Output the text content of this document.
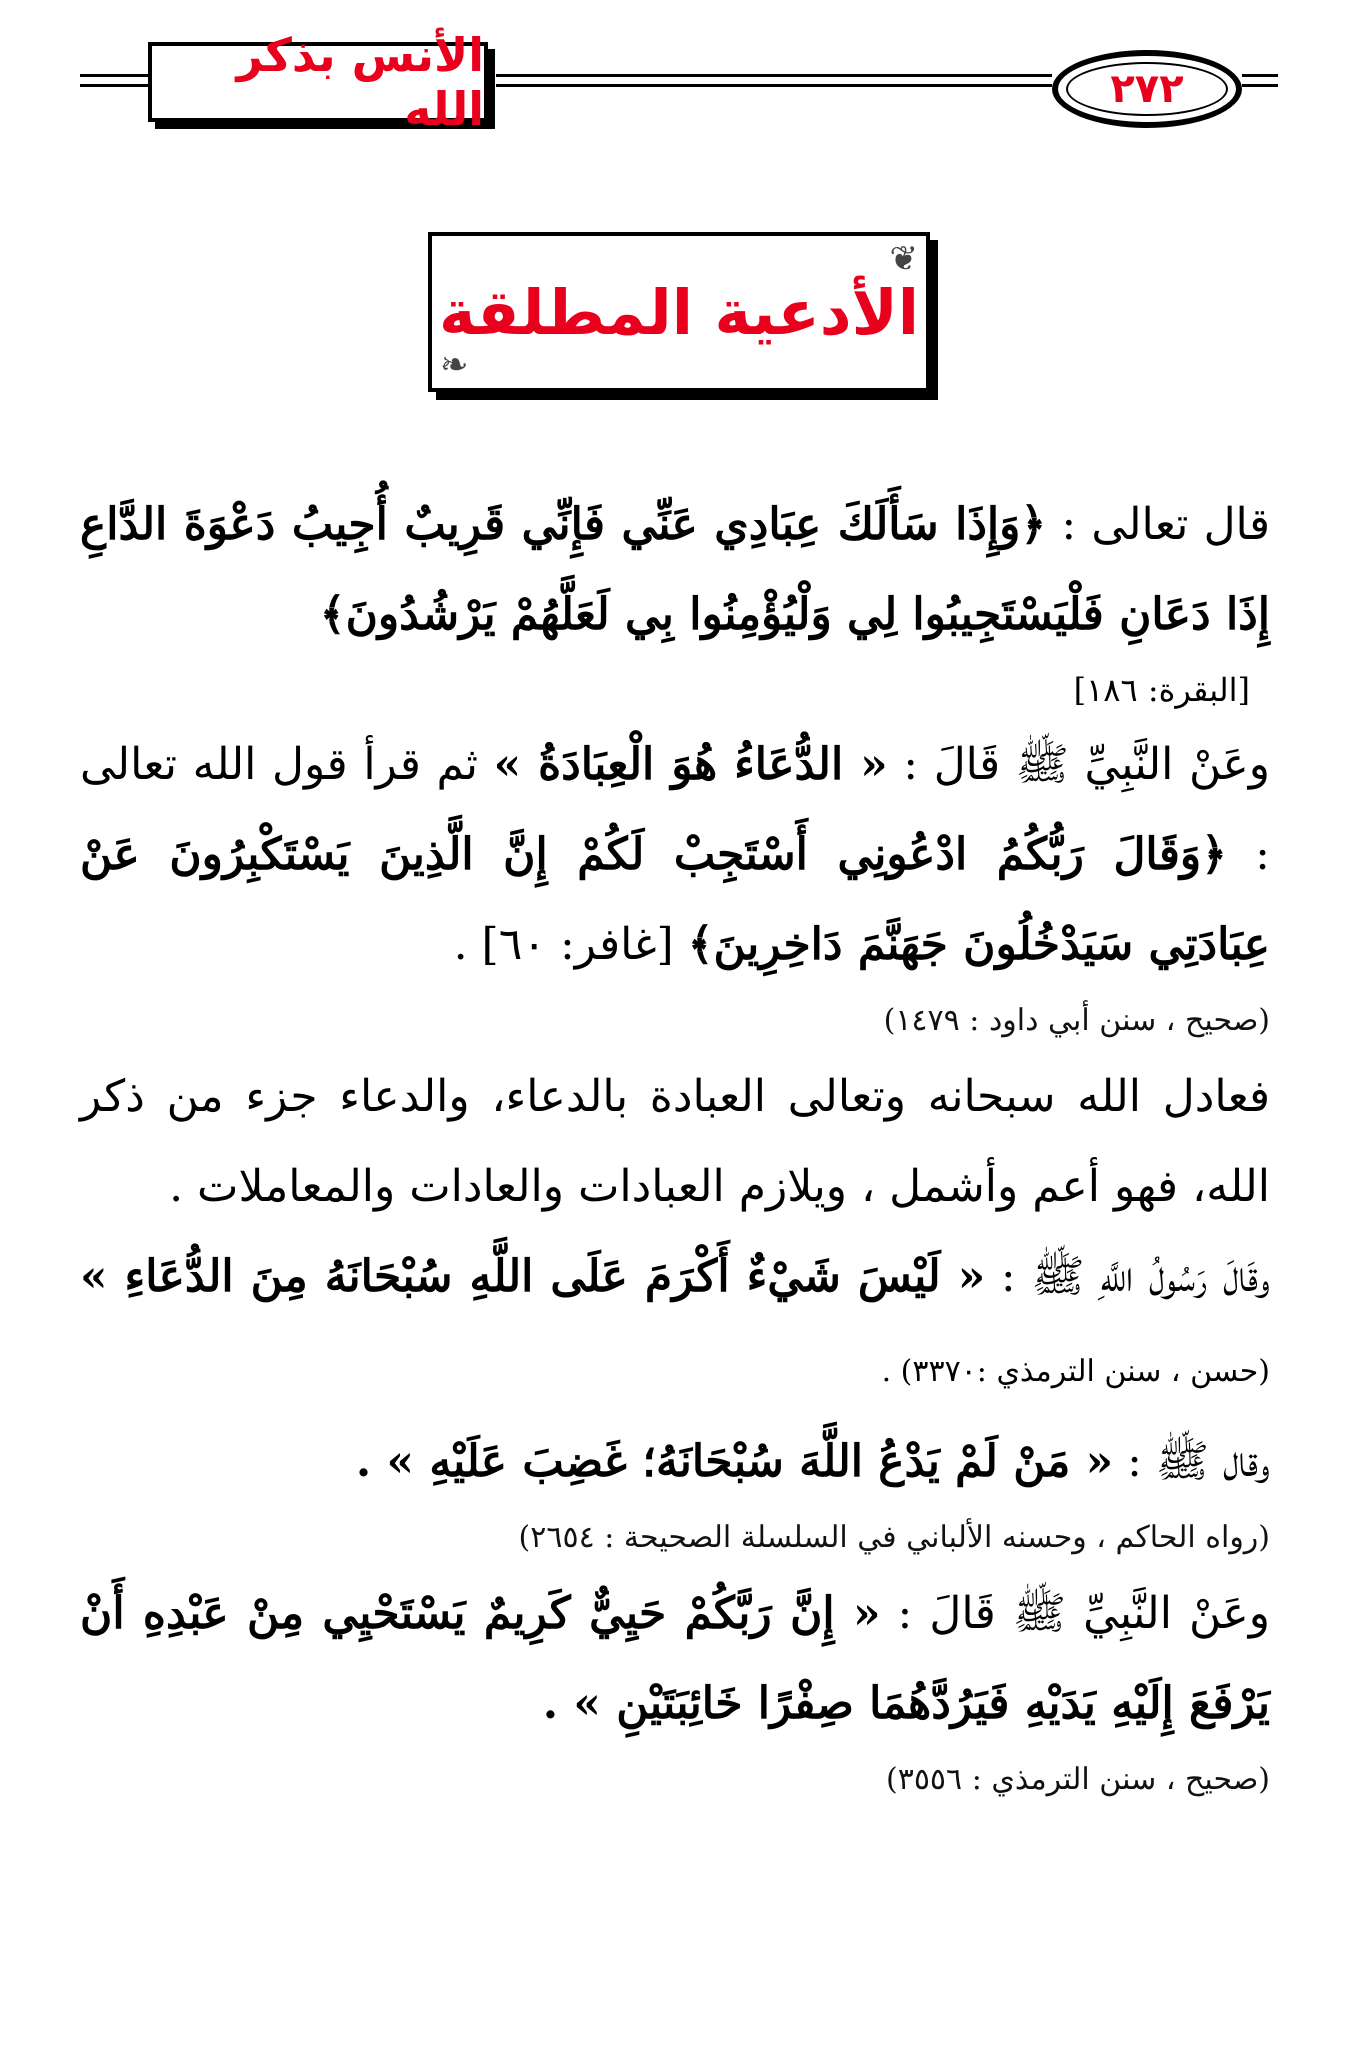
الأنس بذكر الله	٢٧٢
❦
❧
الأدعية المطلقة
قال تعالى : ﴿وَإِذَا سَأَلَكَ عِبَادِي عَنِّي فَإِنِّي قَرِيبٌ أُجِيبُ دَعْوَةَ الدَّاعِ إِذَا دَعَانِ فَلْيَسْتَجِيبُوا لِي وَلْيُؤْمِنُوا بِي لَعَلَّهُمْ يَرْشُدُونَ﴾
[البقرة: ١٨٦]
وعَنْ النَّبِيِّ ﷺ قَالَ : « الدُّعَاءُ هُوَ الْعِبَادَةُ » ثم قرأ قول الله تعالى : ﴿وَقَالَ رَبُّكُمُ ادْعُونِي أَسْتَجِبْ لَكُمْ إِنَّ الَّذِينَ يَسْتَكْبِرُونَ عَنْ عِبَادَتِي سَيَدْخُلُونَ جَهَنَّمَ دَاخِرِينَ﴾ [غافر: ٦٠] .
(صحيح ، سنن أبي داود : ١٤٧٩)
فعادل الله سبحانه وتعالى العبادة بالدعاء، والدعاء جزء من ذكر الله، فهو أعم وأشمل ، ويلازم العبادات والعادات والمعاملات .
وقَالَ رَسُولُ اللَّهِ ﷺ : « لَيْسَ شَيْءٌ أَكْرَمَ عَلَى اللَّهِ سُبْحَانَهُ مِنَ الدُّعَاءِ » (حسن ، سنن الترمذي :٣٣٧٠) .
وقال ﷺ : « مَنْ لَمْ يَدْعُ اللَّهَ سُبْحَانَهُ؛ غَضِبَ عَلَيْهِ » .
(رواه الحاكم ، وحسنه الألباني في السلسلة الصحيحة : ٢٦٥٤)
وعَنْ النَّبِيِّ ﷺ قَالَ : « إِنَّ رَبَّكُمْ حَيِيٌّ كَرِيمٌ يَسْتَحْيِي مِنْ عَبْدِهِ أَنْ يَرْفَعَ إِلَيْهِ يَدَيْهِ فَيَرُدَّهُمَا صِفْرًا خَائِبَتَيْنِ » .
(صحيح ، سنن الترمذي : ٣٥٥٦)
